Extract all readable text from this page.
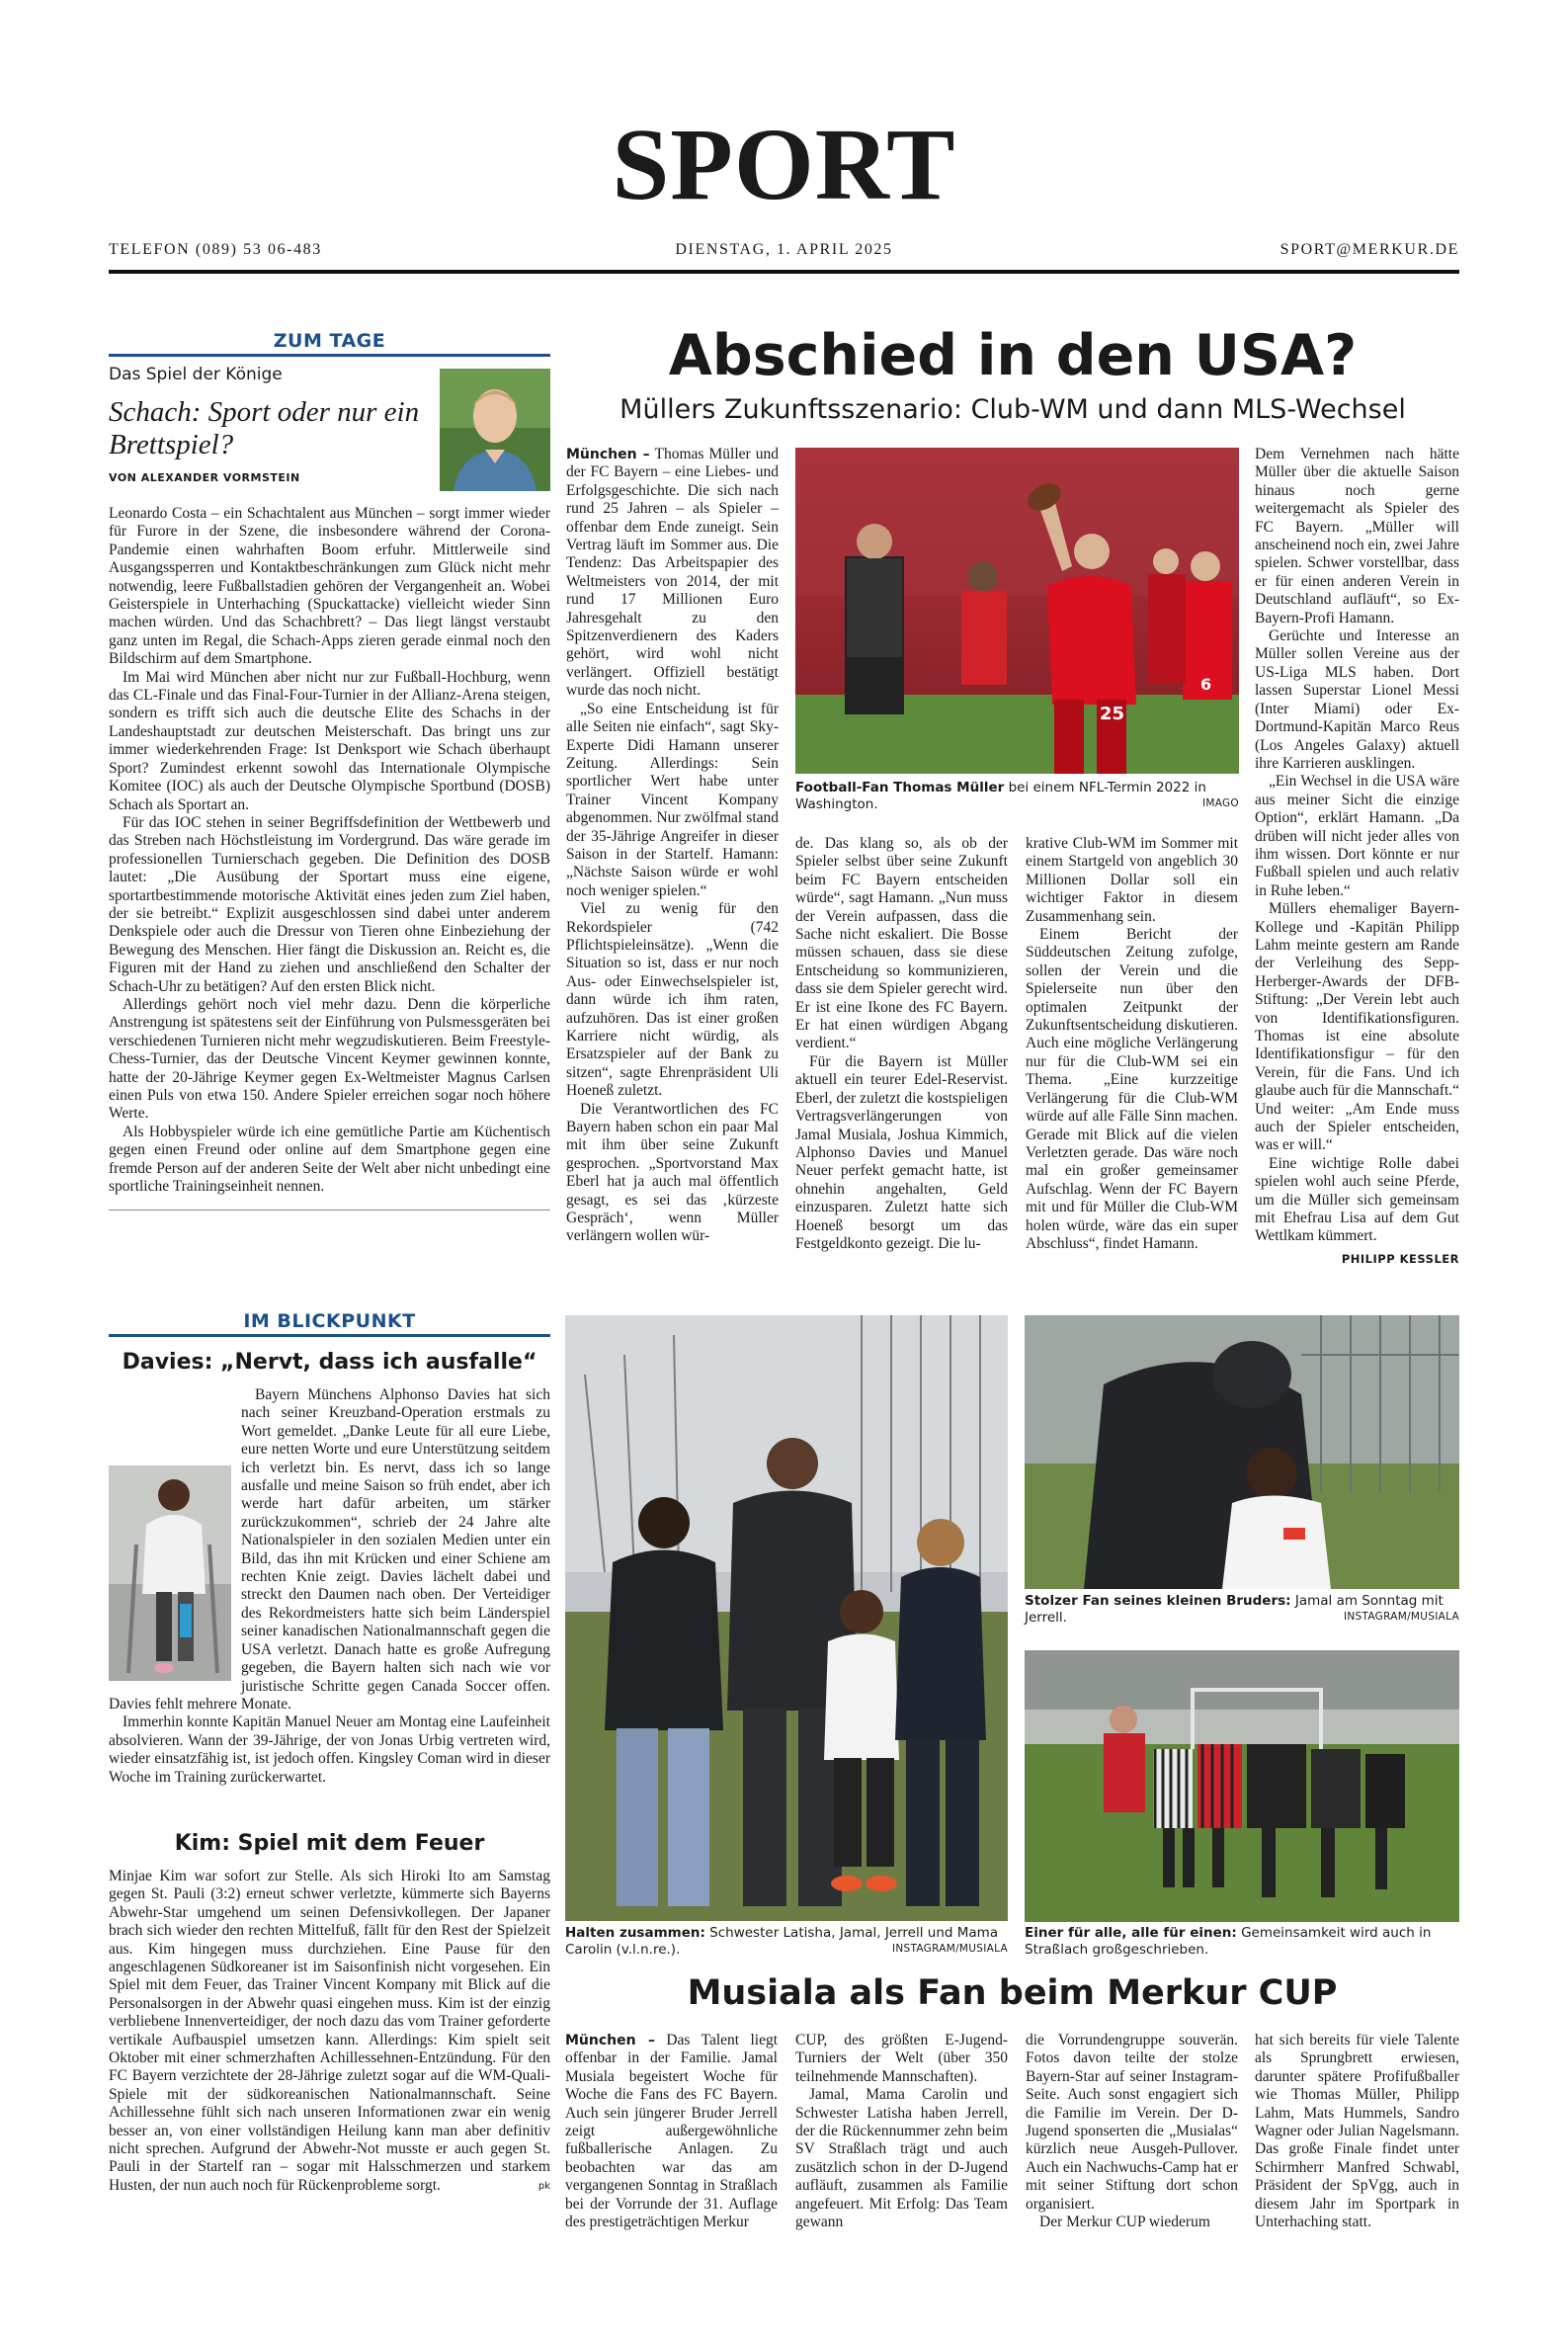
SPORT
TELEFON (089) 53 06-483	DIENSTAG, 1. APRIL 2025	SPORT@MERKUR.DE
ZUM TAGE
Das Spiel der Könige
Schach: Sport oder nur ein Brettspiel?
VON ALEXANDER VORMSTEIN

Leonardo Costa – ein Schachtalent aus München – sorgt immer wieder für Furore in der Szene, die insbesondere während der Corona-Pandemie einen wahrhaften Boom erfuhr. Mittlerweile sind Ausgangssperren und Kontaktbeschränkungen zum Glück nicht mehr notwendig, leere Fußballstadien gehören der Vergangenheit an. Wobei Geisterspiele in Unterhaching (Spuckattacke) vielleicht wieder Sinn machen würden. Und das Schachbrett? – Das liegt längst verstaubt ganz unten im Regal, die Schach-Apps zieren gerade einmal noch den Bildschirm auf dem Smartphone.

Im Mai wird München aber nicht nur zur Fußball-Hochburg, wenn das CL-Finale und das Final-Four-Turnier in der Allianz-Arena steigen, sondern es trifft sich auch die deutsche Elite des Schachs in der Landeshauptstadt zur deutschen Meisterschaft. Das bringt uns zur immer wiederkehrenden Frage: Ist Denksport wie Schach überhaupt Sport? Zumindest erkennt sowohl das Internationale Olympische Komitee (IOC) als auch der Deutsche Olympische Sportbund (DOSB) Schach als Sportart an.

Für das IOC stehen in seiner Begriffsdefinition der Wettbewerb und das Streben nach Höchstleistung im Vordergrund. Das wäre gerade im professionellen Turnierschach gegeben. Die Definition des DOSB lautet: „Die Ausübung der Sportart muss eine eigene, sportartbestimmende motorische Aktivität eines jeden zum Ziel haben, der sie betreibt.“ Explizit ausgeschlossen sind dabei unter anderem Denkspiele oder auch die Dressur von Tieren ohne Einbeziehung der Bewegung des Menschen. Hier fängt die Diskussion an. Reicht es, die Figuren mit der Hand zu ziehen und anschließend den Schalter der Schach-Uhr zu betätigen? Auf den ersten Blick nicht.

Allerdings gehört noch viel mehr dazu. Denn die körperliche Anstrengung ist spätestens seit der Einführung von Pulsmessgeräten bei verschiedenen Turnieren nicht mehr wegzudiskutieren. Beim Freestyle-Chess-Turnier, das der Deutsche Vincent Keymer gewinnen konnte, hatte der 20-Jährige Keymer gegen Ex-Weltmeister Magnus Carlsen einen Puls von etwa 150. Andere Spieler erreichen sogar noch höhere Werte.

Als Hobbyspieler würde ich eine gemütliche Partie am Küchentisch gegen einen Freund oder online auf dem Smartphone gegen eine fremde Person auf der anderen Seite der Welt aber nicht unbedingt eine sportliche Trainingseinheit nennen.

Abschied in den USA?
Müllers Zukunftsszenario: Club-WM und dann MLS-Wechsel

München – Thomas Müller und der FC Bayern – eine Liebes- und Erfolgsgeschichte. Die sich nach rund 25 Jahren – als Spieler – offenbar dem Ende zuneigt. Sein Vertrag läuft im Sommer aus. Die Tendenz: Das Arbeitspapier des Weltmeisters von 2014, der mit rund 17 Millionen Euro Jahresgehalt zu den Spitzenverdienern des Kaders gehört, wird wohl nicht verlängert. Offiziell bestätigt wurde das noch nicht.

„So eine Entscheidung ist für alle Seiten nie einfach“, sagt Sky-Experte Didi Hamann unserer Zeitung. Allerdings: Sein sportlicher Wert habe unter Trainer Vincent Kompany abgenommen. Nur zwölfmal stand der 35-Jährige Angreifer in dieser Saison in der Startelf. Hamann: „Nächste Saison würde er wohl noch weniger spielen.“

Viel zu wenig für den Rekordspieler (742 Pflichtspieleinsätze). „Wenn die Situation so ist, dass er nur noch Aus- oder Einwechselspieler ist, dann würde ich ihm raten, aufzuhören. Das ist einer großen Karriere nicht würdig, als Ersatzspieler auf der Bank zu sitzen“, sagte Ehrenpräsident Uli Hoeneß zuletzt.

Die Verantwortlichen des FC Bayern haben schon ein paar Mal mit ihm über seine Zukunft gesprochen. „Sportvorstand Max Eberl hat ja auch mal öffentlich gesagt, es sei das ‚kürzeste Gespräch‘, wenn Müller verlängern wollen wür-

25
6
Football-Fan Thomas Müller bei einem NFL-Termin 2022 in Washington.	IMAGO

de. Das klang so, als ob der Spieler selbst über seine Zukunft beim FC Bayern entscheiden würde“, sagt Hamann. „Nun muss der Verein aufpassen, dass die Sache nicht eskaliert. Die Bosse müssen schauen, dass sie diese Entscheidung so kommunizieren, dass sie dem Spieler gerecht wird. Er ist eine Ikone des FC Bayern. Er hat einen würdigen Abgang verdient.“

Für die Bayern ist Müller aktuell ein teurer Edel-Reservist. Eberl, der zuletzt die kostspieligen Vertragsverlängerungen von Jamal Musiala, Joshua Kimmich, Alphonso Davies und Manuel Neuer perfekt gemacht hatte, ist ohnehin angehalten, Geld einzusparen. Zuletzt hatte sich Hoeneß besorgt um das Festgeldkonto gezeigt. Die lu-

krative Club-WM im Sommer mit einem Startgeld von angeblich 30 Millionen Dollar soll ein wichtiger Faktor in diesem Zusammenhang sein.

Einem Bericht der Süddeutschen Zeitung zufolge, sollen der Verein und die Spielerseite nun über den optimalen Zeitpunkt der Zukunftsentscheidung diskutieren. Auch eine mögliche Verlängerung nur für die Club-WM sei ein Thema. „Eine kurzzeitige Verlängerung für die Club-WM würde auf alle Fälle Sinn machen. Gerade mit Blick auf die vielen Verletzten gerade. Das wäre noch mal ein großer gemeinsamer Aufschlag. Wenn der FC Bayern mit und für Müller die Club-WM holen würde, wäre das ein super Abschluss“, findet Hamann.

Dem Vernehmen nach hätte Müller über die aktuelle Saison hinaus noch gerne weitergemacht als Spieler des FC Bayern. „Müller will anscheinend noch ein, zwei Jahre spielen. Schwer vorstellbar, dass er für einen anderen Verein in Deutschland aufläuft“, so Ex-Bayern-Profi Hamann.

Gerüchte und Interesse an Müller sollen Vereine aus der US-Liga MLS haben. Dort lassen Superstar Lionel Messi (Inter Miami) oder Ex-Dortmund-Kapitän Marco Reus (Los Angeles Galaxy) aktuell ihre Karrieren ausklingen.

„Ein Wechsel in die USA wäre aus meiner Sicht die einzige Option“, erklärt Hamann. „Da drüben will nicht jeder alles von ihm wissen. Dort könnte er nur Fußball spielen und auch relativ in Ruhe leben.“

Müllers ehemaliger Bayern-Kollege und -Kapitän Philipp Lahm meinte gestern am Rande der Verleihung des Sepp-Herberger-Awards der DFB-Stiftung: „Der Verein lebt auch von Identifikationsfiguren. Thomas ist eine absolute Identifikationsfigur – für den Verein, für die Fans. Und ich glaube auch für die Mannschaft.“ Und weiter: „Am Ende muss auch der Spieler entscheiden, was er will.“

Eine wichtige Rolle dabei spielen wohl auch seine Pferde, um die Müller sich gemeinsam mit Ehefrau Lisa auf dem Gut Wettlkam kümmert.

PHILIPP KESSLER
IM BLICKPUNKT
Davies: „Nervt, dass ich ausfalle“

Bayern Münchens Alphonso Davies hat sich nach seiner Kreuzband-Operation erstmals zu Wort gemeldet. „Danke Leute für all eure Liebe, eure netten Worte und eure Unterstützung seitdem ich verletzt bin. Es nervt, dass ich so lange ausfalle und meine Saison so früh endet, aber ich werde hart dafür arbeiten, um stärker zurückzukommen“, schrieb der 24 Jahre alte Nationalspieler in den sozialen Medien unter ein Bild, das ihn mit Krücken und einer Schiene am rechten Knie zeigt. Davies lächelt dabei und streckt den Daumen nach oben. Der Verteidiger des Rekordmeisters hatte sich beim Länderspiel seiner kanadischen Nationalmannschaft gegen die USA verletzt. Danach hatte es große Aufregung gegeben, die Bayern halten sich nach wie vor juristische Schritte gegen Canada Soccer offen. Davies fehlt mehrere Monate.

Immerhin konnte Kapitän Manuel Neuer am Montag eine Laufeinheit absolvieren. Wann der 39-Jährige, der von Jonas Urbig vertreten wird, wieder einsatzfähig ist, ist jedoch offen. Kingsley Coman wird in dieser Woche im Training zurückerwartet.

Kim: Spiel mit dem Feuer

Minjae Kim war sofort zur Stelle. Als sich Hiroki Ito am Samstag gegen St. Pauli (3:2) erneut schwer verletzte, kümmerte sich Bayerns Abwehr-Star umgehend um seinen Defensivkollegen. Der Japaner brach sich wieder den rechten Mittelfuß, fällt für den Rest der Spielzeit aus. Kim hingegen muss durchziehen. Eine Pause für den angeschlagenen Südkoreaner ist im Saisonfinish nicht vorgesehen. Ein Spiel mit dem Feuer, das Trainer Vincent Kompany mit Blick auf die Personalsorgen in der Abwehr quasi eingehen muss. Kim ist der einzig verbliebene Innenverteidiger, der noch dazu das vom Trainer geforderte vertikale Aufbauspiel umsetzen kann. Allerdings: Kim spielt seit Oktober mit einer schmerzhaften Achillessehnen-Entzündung. Für den FC Bayern verzichtete der 28-Jährige zuletzt sogar auf die WM-Quali-Spiele mit der südkoreanischen Nationalmannschaft. Seine Achillessehne fühlt sich nach unseren Informationen zwar ein wenig besser an, von einer vollständigen Heilung kann man aber definitiv nicht sprechen. Aufgrund der Abwehr-Not musste er auch gegen St. Pauli in der Startelf ran – sogar mit Halsschmerzen und starkem Husten, der nun auch noch für Rückenprobleme sorgt.	pk
Halten zusammen: Schwester Latisha, Jamal, Jerrell und Mama Carolin (v.l.n.re.).	INSTAGRAM/MUSIALA
Stolzer Fan seines kleinen Bruders: Jamal am Sonntag mit Jerrell.	INSTAGRAM/MUSIALA
Einer für alle, alle für einen: Gemeinsamkeit wird auch in Straßlach großgeschrieben.
Musiala als Fan beim Merkur CUP

München – Das Talent liegt offenbar in der Familie. Jamal Musiala begeistert Woche für Woche die Fans des FC Bayern. Auch sein jüngerer Bruder Jerrell zeigt außergewöhnliche fußballerische Anlagen. Zu beobachten war das am vergangenen Sonntag in Straßlach bei der Vorrunde der 31. Auflage des prestigeträchtigen Merkur

CUP, des größten E-Jugend-Turniers der Welt (über 350 teilnehmende Mannschaften).

Jamal, Mama Carolin und Schwester Latisha haben Jerrell, der die Rückennummer zehn beim SV Straßlach trägt und auch zusätzlich schon in der D-Jugend aufläuft, zusammen als Familie angefeuert. Mit Erfolg: Das Team gewann

die Vorrundengruppe souverän. Fotos davon teilte der stolze Bayern-Star auf seiner Instagram-Seite. Auch sonst engagiert sich die Familie im Verein. Der D-Jugend sponserten die „Musialas“ kürzlich neue Ausgeh-Pullover. Auch ein Nachwuchs-Camp hat er mit seiner Stiftung dort schon organisiert.

Der Merkur CUP wiederum

hat sich bereits für viele Talente als Sprungbrett erwiesen, darunter spätere Profifußballer wie Thomas Müller, Philipp Lahm, Mats Hummels, Sandro Wagner oder Julian Nagelsmann. Das große Finale findet unter Schirmherr Manfred Schwabl, Präsident der SpVgg, auch in diesem Jahr im Sportpark in Unterhaching statt.
